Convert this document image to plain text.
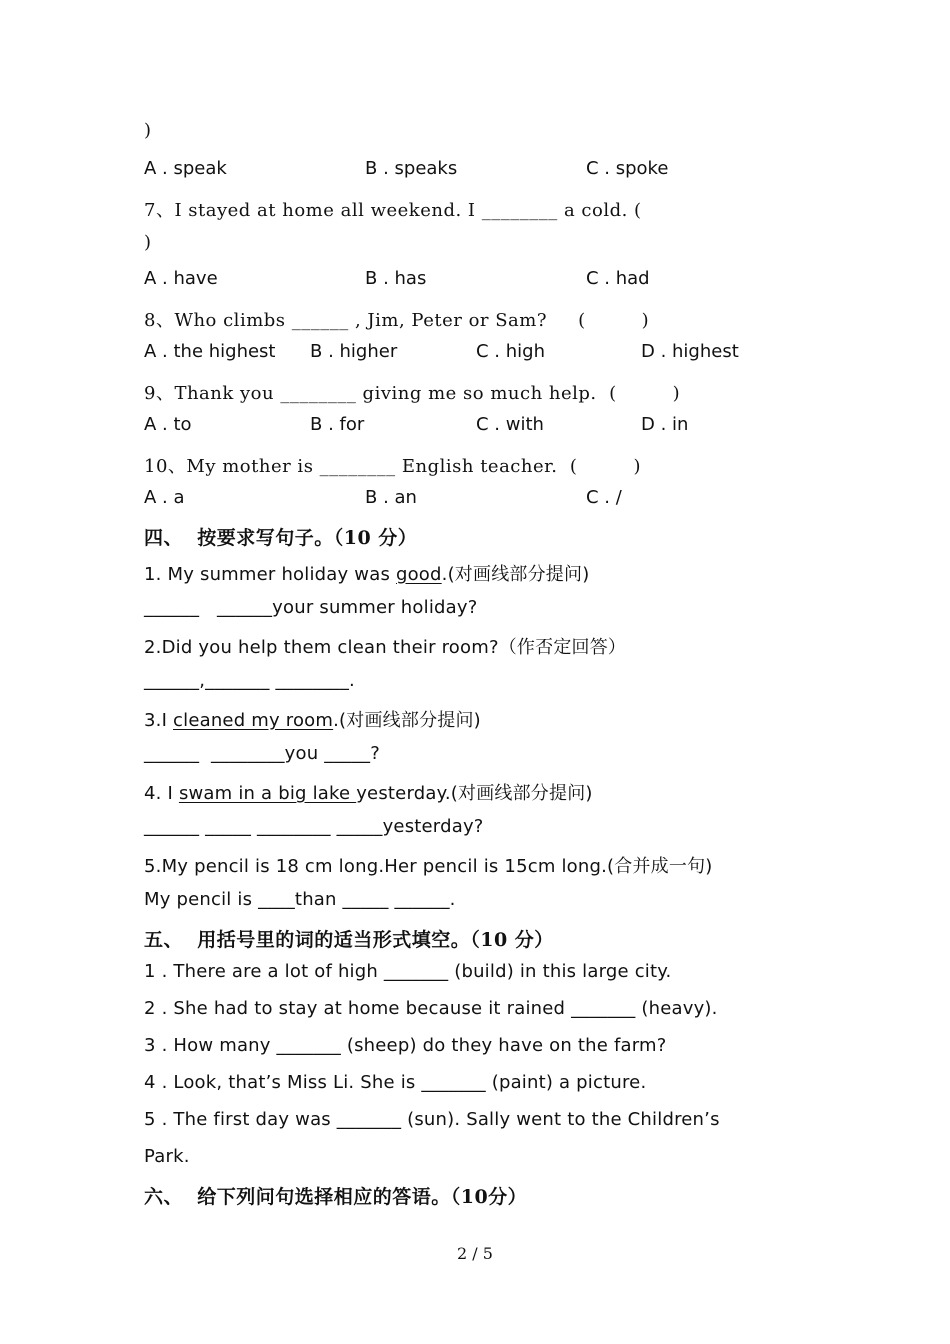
)
A . speak	B . speaks	C . spoke
7、I stayed at home all weekend. I ________ a cold. (
)
A . have	B . has	C . had
8、Who climbs ______ , Jim, Peter or Sam?     (         )
A . the highest B . higher	C . high	D . highest
9、Thank you ________ giving me so much help.  (         )
A . to	B . for	C . with	D . in
10、My mother is ________ English teacher.  (         )
A . a	B . an	C . /
四、  按要求写句子。（10 分）
1. My summer holiday was good.(对画线部分提问)
______   ______your summer holiday?
2.Did you help them clean their room?（作否定回答）
______,_______ ________.
3.I cleaned my room.(对画线部分提问)
______  ________you _____?
4. I swam in a big lake yesterday.(对画线部分提问)
______ _____ ________ _____yesterday?
5.My pencil is 18 cm long.Her pencil is 15cm long.(合并成一句)
My pencil is ____than _____ ______.
五、  用括号里的词的适当形式填空。（10 分）
1 . There are a lot of high _______ (build) in this large city.
2 . She had to stay at home because it rained _______ (heavy).
3 . How many _______ (sheep) do they have on the farm?
4 . Look, that’s Miss Li. She is _______ (paint) a picture.
5 . The first day was _______ (sun). Sally went to the Children’s
Park.
六、  给下列问句选择相应的答语。（10分）
2 / 5
